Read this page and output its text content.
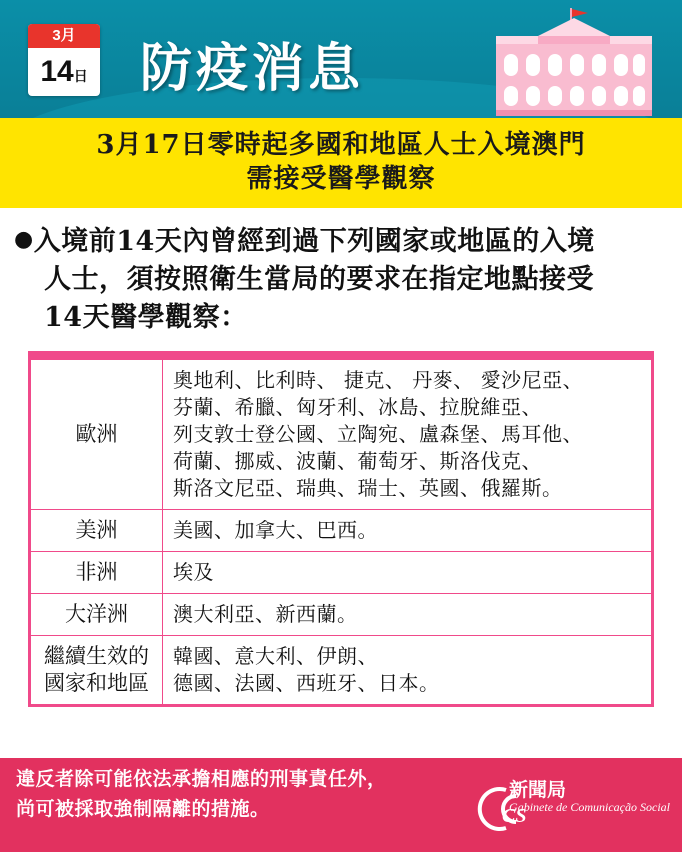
3月
14日 防疫消息
3月17日零時起多國和地區人士入境澳門
需接受醫學觀察
●入境前14天內曾經到過下列國家或地區的入境
人士，須按照衛生當局的要求在指定地點接受
14天醫學觀察：
歐洲	奧地利、比利時、 捷克、 丹麥、 愛沙尼亞、
芬蘭、希臘、匈牙利、冰島、拉脫維亞、
列支敦士登公國、立陶宛、盧森堡、馬耳他、
荷蘭、挪威、波蘭、葡萄牙、斯洛伐克、
斯洛文尼亞、瑞典、瑞士、英國、俄羅斯。

美洲	美國、加拿大、巴西。

非洲	埃及

大洋洲	澳大利亞、新西蘭。

繼續生效的 國家和地區	韓國、意大利、伊朗、
德國、法國、西班牙、日本。
違反者除可能依法承擔相應的刑事責任外，
尚可被採取強制隔離的措施。	CS
新聞局
Gabinete de Comunicação Social
